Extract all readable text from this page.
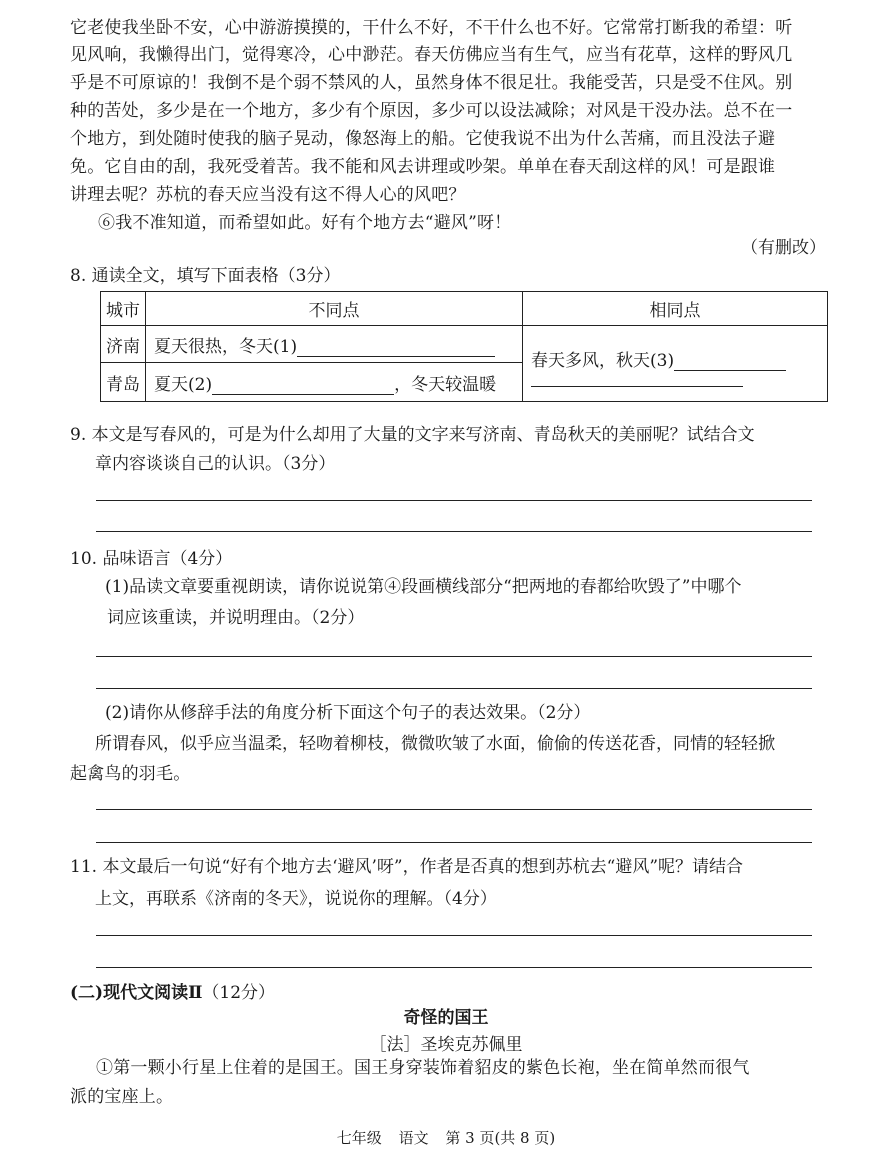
它老使我坐卧不安，心中游游摸摸的，干什么不好，不干什么也不好。它常常打断我的希望：听
见风响，我懒得出门，觉得寒冷，心中渺茫。春天仿佛应当有生气，应当有花草，这样的野风几
乎是不可原谅的！我倒不是个弱不禁风的人，虽然身体不很足壮。我能受苦，只是受不住风。别
种的苦处，多少是在一个地方，多少有个原因，多少可以设法减除；对风是干没办法。总不在一
个地方，到处随时使我的脑子晃动，像怒海上的船。它使我说不出为什么苦痛，而且没法子避
免。它自由的刮，我死受着苦。我不能和风去讲理或吵架。单单在春天刮这样的风！可是跟谁
讲理去呢？苏杭的春天应当没有这不得人心的风吧？
⑥我不准知道，而希望如此。好有个地方去“避风”呀！
（有删改）
8. 通读全文，填写下面表格（3分）
城市	不同点	相同点
济南	夏天很热，冬天(1)	春天多风，秋天(3)

青岛	夏天(2) ，冬天较温暖	
9. 本文是写春风的，可是为什么却用了大量的文字来写济南、青岛秋天的美丽呢？试结合文
章内容谈谈自己的认识。（3分）
10. 品味语言（4分）
(1)品读文章要重视朗读，请你说说第④段画横线部分“把两地的春都给吹毁了”中哪个
词应该重读，并说明理由。（2分）
(2)请你从修辞手法的角度分析下面这个句子的表达效果。（2分）
所谓春风，似乎应当温柔，轻吻着柳枝，微微吹皱了水面，偷偷的传送花香，同情的轻轻掀
起禽鸟的羽毛。
11. 本文最后一句说“好有个地方去‘避风’呀”，作者是否真的想到苏杭去“避风”呢？请结合
上文，再联系《济南的冬天》，说说你的理解。（4分）
(二)现代文阅读Ⅱ（12分）
奇怪的国王
［法］圣埃克苏佩里
①第一颗小行星上住着的是国王。国王身穿装饰着貂皮的紫色长袍，坐在简单然而很气
派的宝座上。
七年级 语文 第 3 页(共 8 页)
